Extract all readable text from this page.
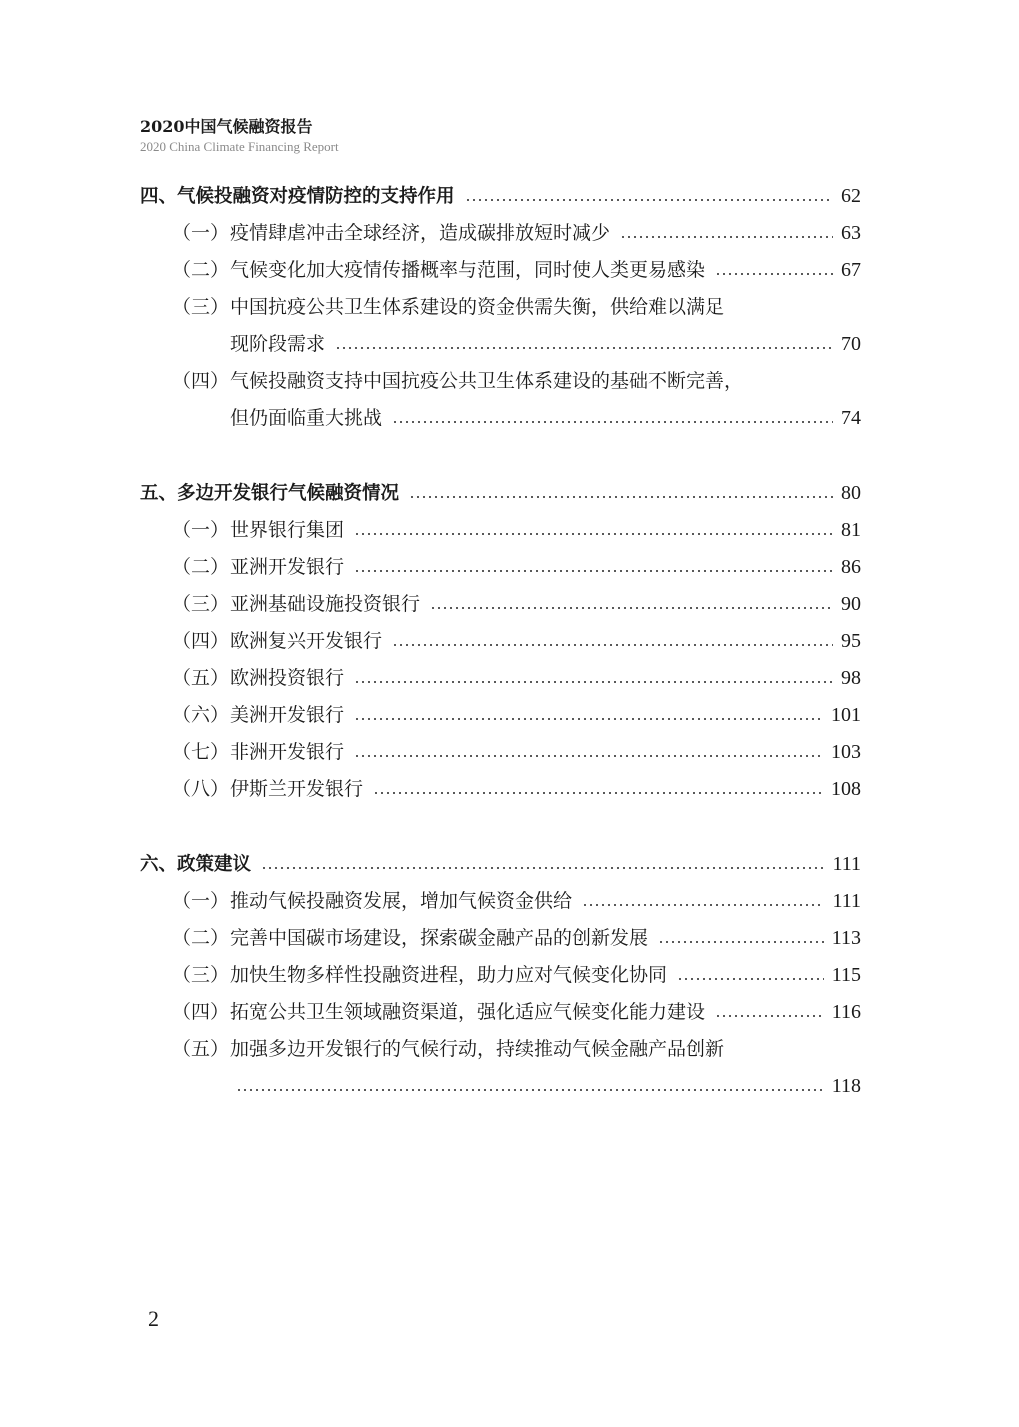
2020中国气候融资报告
2020 China Climate Financing Report
四、气候投融资对疫情防控的支持作用	62
（一） 疫情肆虐冲击全球经济，造成碳排放短时减少	63
（二） 气候变化加大疫情传播概率与范围，同时使人类更易感染	67
（三） 中国抗疫公共卫生体系建设的资金供需失衡，供给难以满足
现阶段需求	70
（四） 气候投融资支持中国抗疫公共卫生体系建设的基础不断完善，
但仍面临重大挑战	74
五、多边开发银行气候融资情况	80
（一） 世界银行集团	81
（二） 亚洲开发银行	86
（三） 亚洲基础设施投资银行	90
（四） 欧洲复兴开发银行	95
（五） 欧洲投资银行	98
（六） 美洲开发银行	101
（七） 非洲开发银行	103
（八） 伊斯兰开发银行	108
六、政策建议	111
（一） 推动气候投融资发展，增加气候资金供给	111
（二） 完善中国碳市场建设，探索碳金融产品的创新发展	113
（三） 加快生物多样性投融资进程，助力应对气候变化协同	115
（四） 拓宽公共卫生领域融资渠道，强化适应气候变化能力建设	116
（五） 加强多边开发银行的气候行动，持续推动气候金融产品创新
118
2
